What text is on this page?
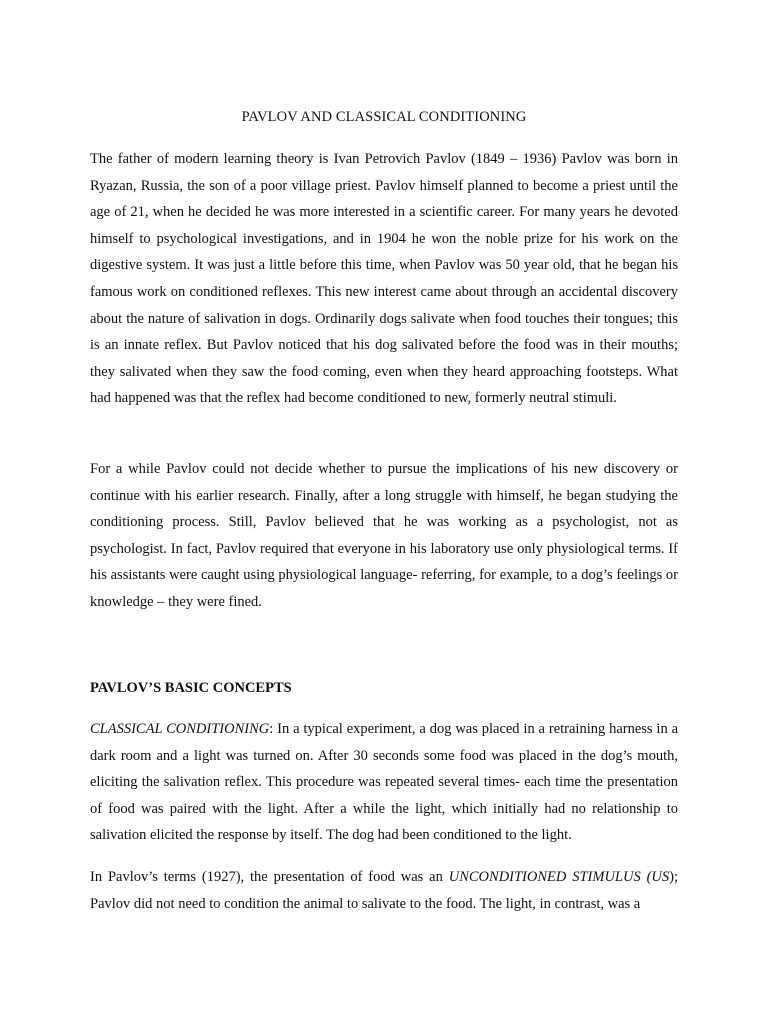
PAVLOV AND CLASSICAL CONDITIONING

The father of modern learning theory is Ivan Petrovich Pavlov (1849 – 1936) Pavlov was born in Ryazan, Russia, the son of a poor village priest. Pavlov himself planned to become a priest until the age of 21, when he decided he was more interested in a scientific career. For many years he devoted himself to psychological investigations, and in 1904 he won the noble prize for his work on the digestive system. It was just a little before this time, when Pavlov was 50 year old, that he began his famous work on conditioned reflexes. This new interest came about through an accidental discovery about the nature of salivation in dogs. Ordinarily dogs salivate when food touches their tongues; this is an innate reflex. But Pavlov noticed that his dog salivated before the food was in their mouths; they salivated when they saw the food coming, even when they heard approaching footsteps. What had happened was that the reflex had become conditioned to new, formerly neutral stimuli.

For a while Pavlov could not decide whether to pursue the implications of his new discovery or continue with his earlier research. Finally, after a long struggle with himself, he began studying the conditioning process. Still, Pavlov believed that he was working as a psychologist, not as psychologist. In fact, Pavlov required that everyone in his laboratory use only physiological terms. If his assistants were caught using physiological language- referring, for example, to a dog’s feelings or knowledge – they were fined.

PAVLOV’S BASIC CONCEPTS

CLASSICAL CONDITIONING: In a typical experiment, a dog was placed in a retraining harness in a dark room and a light was turned on. After 30 seconds some food was placed in the dog’s mouth, eliciting the salivation reflex. This procedure was repeated several times- each time the presentation of food was paired with the light. After a while the light, which initially had no relationship to salivation elicited the response by itself. The dog had been conditioned to the light.

In Pavlov’s terms (1927), the presentation of food was an UNCONDITIONED STIMULUS (US); Pavlov did not need to condition the animal to salivate to the food. The light, in contrast, was a
